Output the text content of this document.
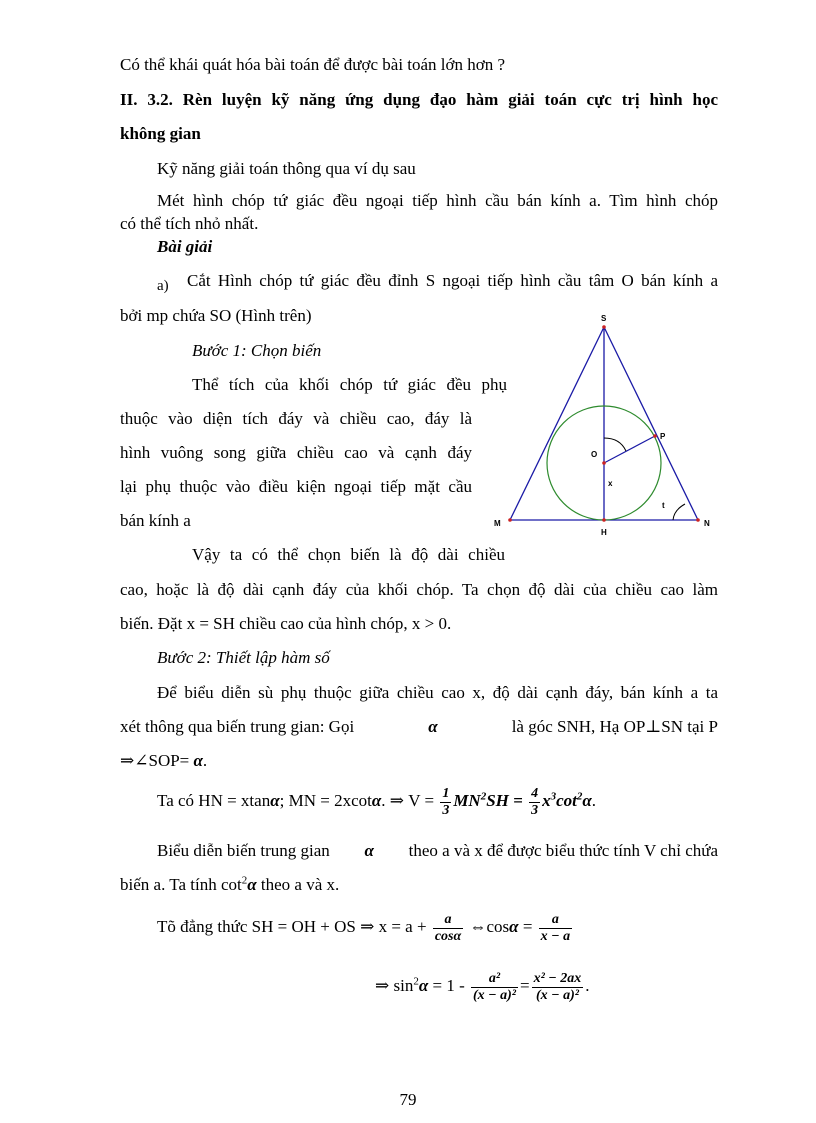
Có thể khái quát hóa bài toán để được bài toán lớn hơn ?
II. 3.2. Rèn luyện kỹ năng ứng dụng đạo hàm giải toán cực trị hình học
không gian
Kỹ năng giải toán thông qua ví dụ sau
Mét hình chóp tứ giác đều ngoại tiếp hình cầu bán kính a. Tìm hình chóp
có thể tích nhỏ nhất.
Bài giải
a) Cắt Hình chóp tứ giác đều đỉnh S ngoại tiếp hình cầu tâm O bán kính a
bởi mp chứa SO (Hình trên)
Bước 1: Chọn biến
Thể tích của khối chóp tứ giác đều phụ
thuộc vào diện tích đáy và chiều cao, đáy là
hình vuông song giữa chiều cao và cạnh đáy
lại phụ thuộc vào điều kiện ngoại tiếp mặt cầu
bán kính a
Vậy ta có thể chọn biến là độ dài chiều
cao, hoặc là độ dài cạnh đáy của khối chóp. Ta chọn độ dài của chiều cao làm
biến. Đặt x = SH chiều cao của hình chóp, x > 0.
Bước 2: Thiết lập hàm số
Để biểu diễn sù phụ thuộc giữa chiều cao x, độ dài cạnh đáy, bán kính a ta
xét thông qua biến trung gian: Gọi	α	là góc SNH, Hạ OP⊥SN tại P
⇒∠SOP= α.
Ta có HN = xtanα; MN = 2xcotα. ⇒ $V = \frac{1}{3} MN^2SH = \frac{4}{3} x^3\cot^2\alpha$.
Biểu diễn biến trung gian α theo a và x để được biểu thức tính V chỉ chứa
biến a. Ta tính $\cot^2\alpha$ theo a và x.
Tõ đẳng thức SH = OH + OS ⇒ $x = a + \frac{a}{\cos\alpha}$ ⇔cosα = $\frac{a}{x - a}$
⇒ $\sin^2\alpha = 1 - \frac{\text{a²}}{\text{(x − a)²}} = \frac{\text{x² − 2ax}}{\text{(x − a)²}}$ .
S
M	N
H
O
P
x
t
79
